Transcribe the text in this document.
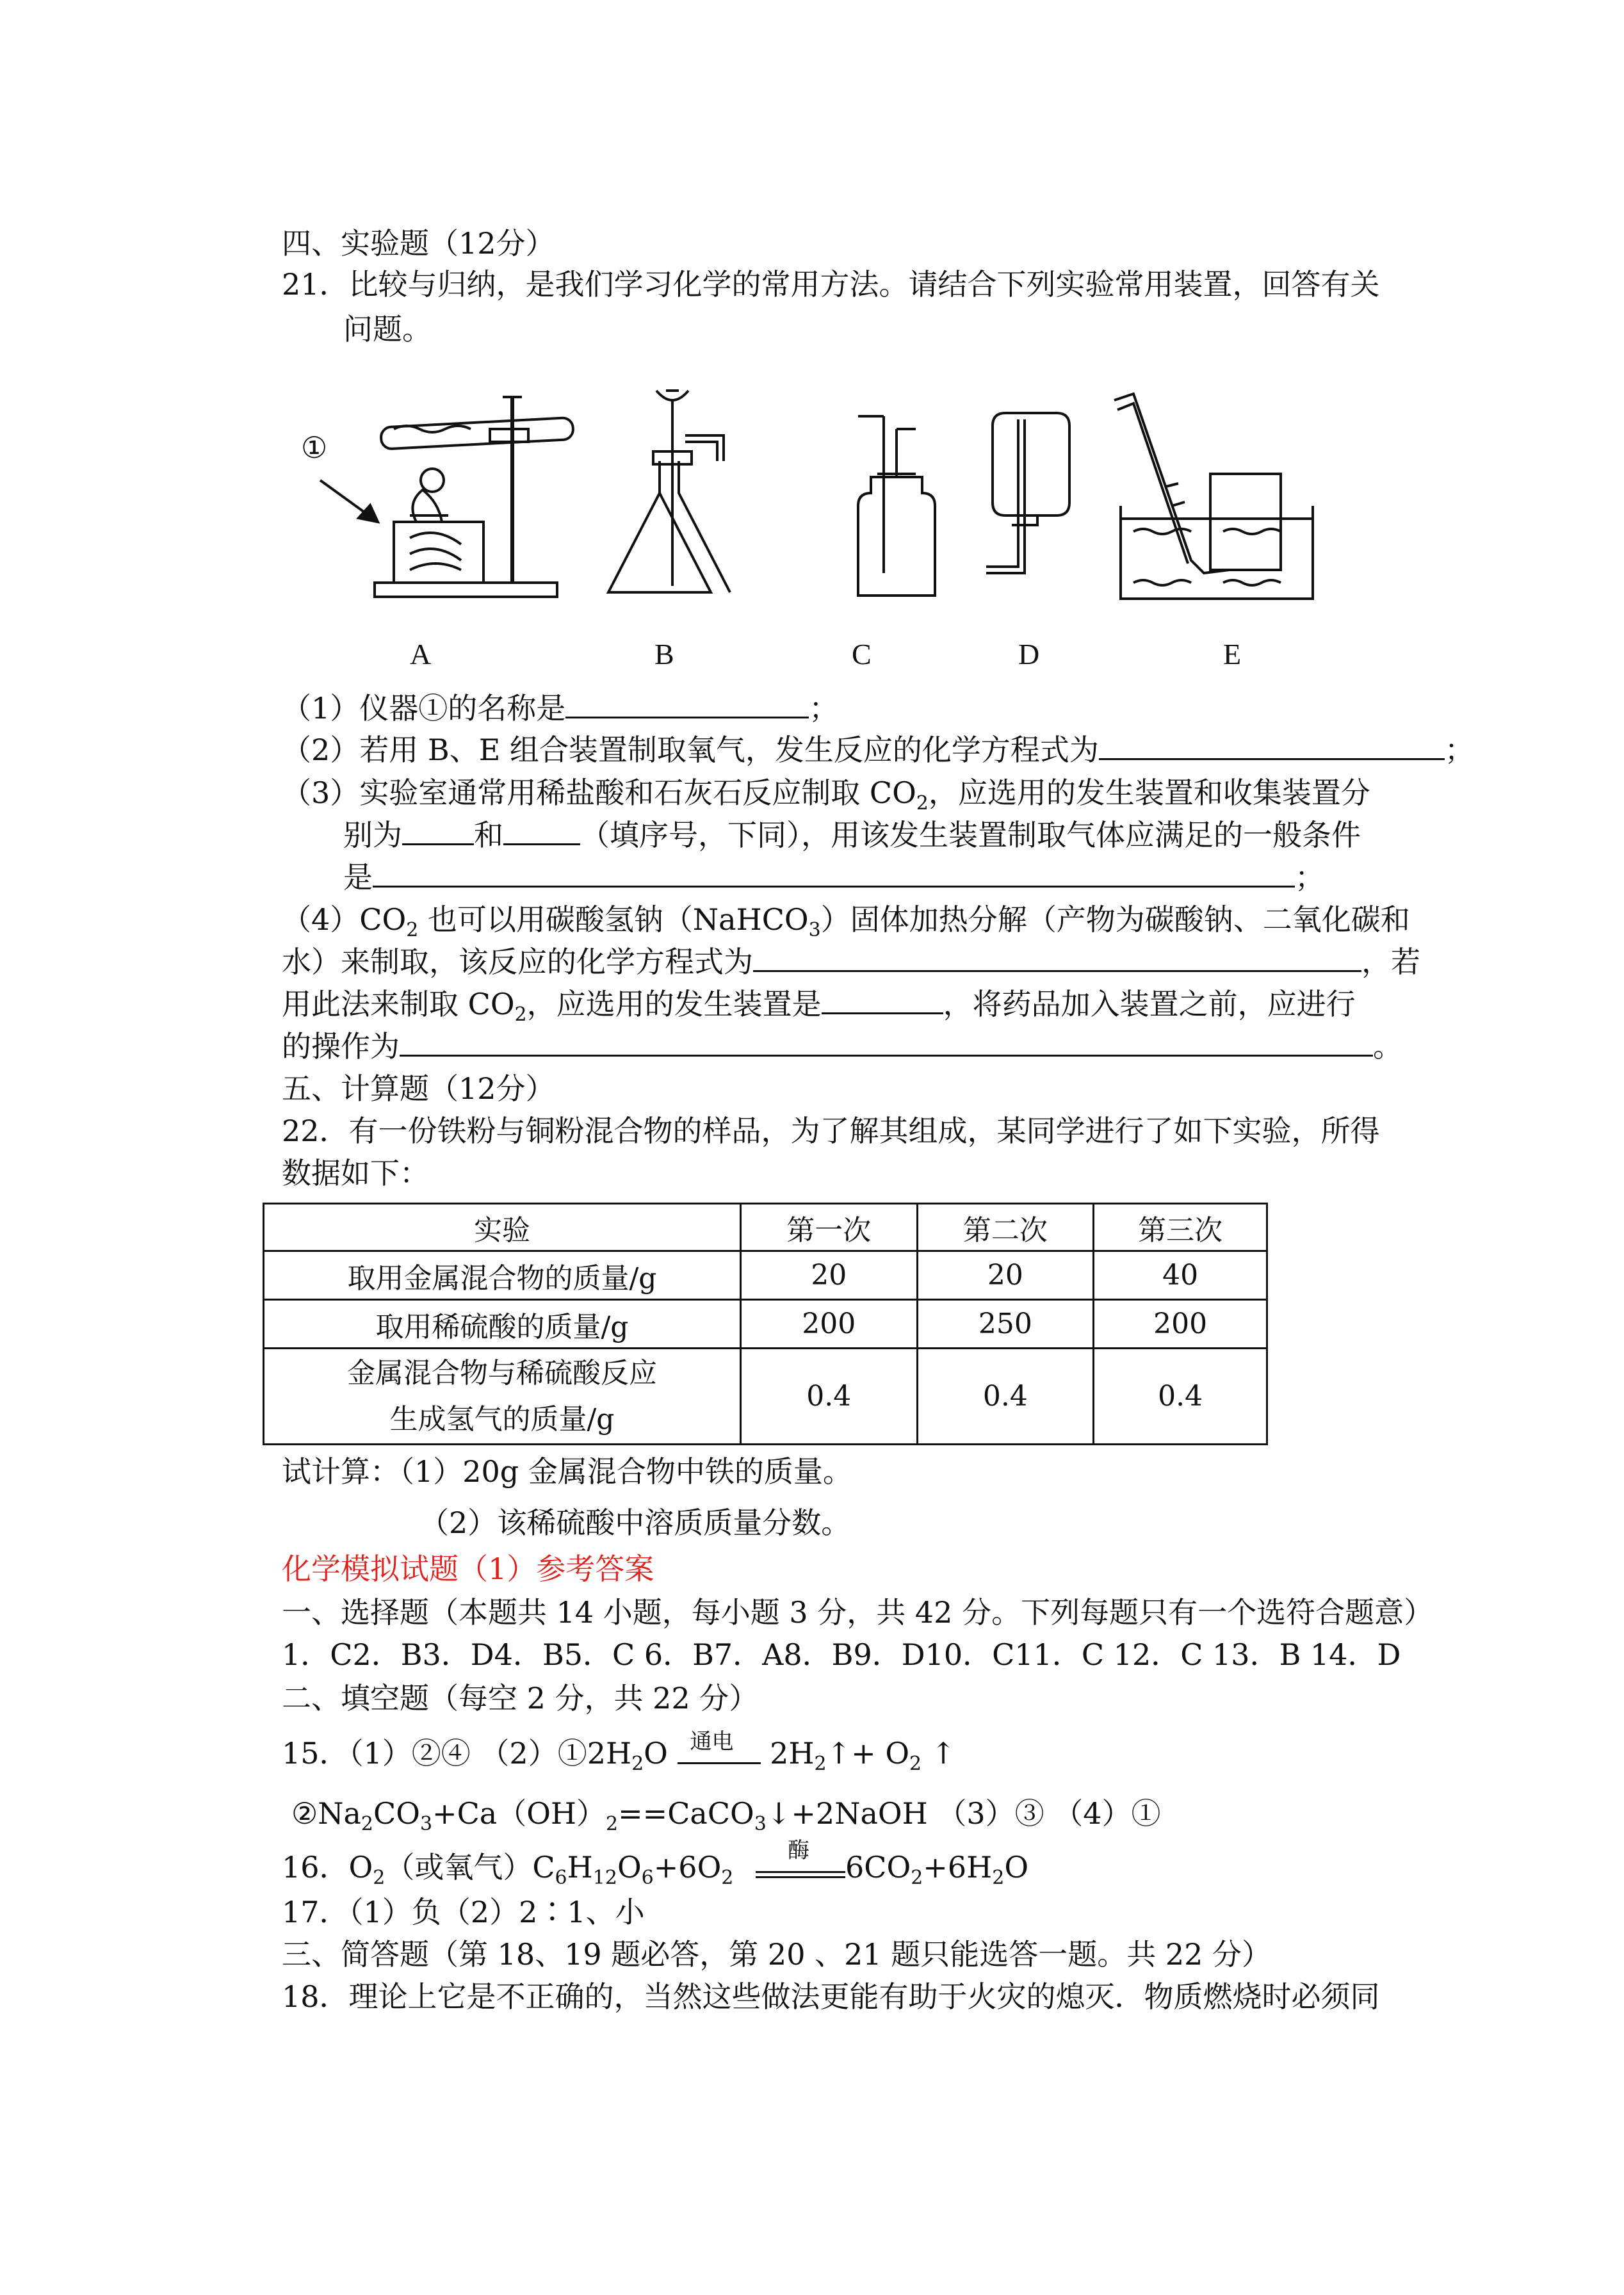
四、实验题（12分）
21．比较与归纳，是我们学习化学的常用方法。请结合下列实验常用装置，回答有关
问题。
①
A	B	C	D	E
（1）仪器①的名称是	；
（2）若用 B、E 组合装置制取氧气，发生反应的化学方程式为	；
（3）实验室通常用稀盐酸和石灰石反应制取 $CO_2$，应选用的发生装置和收集装置分
别为 和	（填序号，下同），用该发生装置制取气体应满足的一般条件
是	；
$(4)CO_2$ 也可以用碳酸氢钠（NaHCO$_3$）固体加热分解（产物为碳酸钠、二氧化碳和
水）来制取，该反应的化学方程式为	，若
用此法来制取 $CO_2$，应选用的发生装置是	，将药品加入装置之前，应进行
的操作为	。
五、计算题（12分）
22．有一份铁粉与铜粉混合物的样品，为了解其组成，某同学进行了如下实验，所得
数据如下：
实验	第一次	第二次	第三次
取用金属混合物的质量/g	20	20	40
取用稀硫酸的质量/g	200	250	200

金属混合物与稀硫酸反应
生成氢气的质量/g	0.4	0.4	0.4
试计算：（1）20g 金属混合物中铁的质量。
（2）该稀硫酸中溶质质量分数。
化学模拟试题（1）参考答案
一、选择题（本题共 14 小题，每小题 3 分，共 42 分。下列每题只有一个选符合题意）
1．C2．B3．D4．B5．C 6．B7．A8．B9．D10．C11．C 12．C 13．B 14．D
二、填空题（每空 2 分，共 22 分）
15．（1）②④ $(2)①2H_2O$ 通电 $2H_2↑+ O_2$ ↑
$②Na_2CO_3+Ca(OH)_2==CaCO_3↓+2NaOH$ （3）③ （4）①
16．$O_2$（或氧气）$C_6H_{12}O_6+6O_2$
酶 $6CO_2+6H_2O$
17．（1）负（2）2∶1、小
三、简答题（第 18、19 题必答，第 20 、21 题只能选答一题。共 22 分）
18．理论上它是不正确的，当然这些做法更能有助于火灾的熄灭．物质燃烧时必须同
